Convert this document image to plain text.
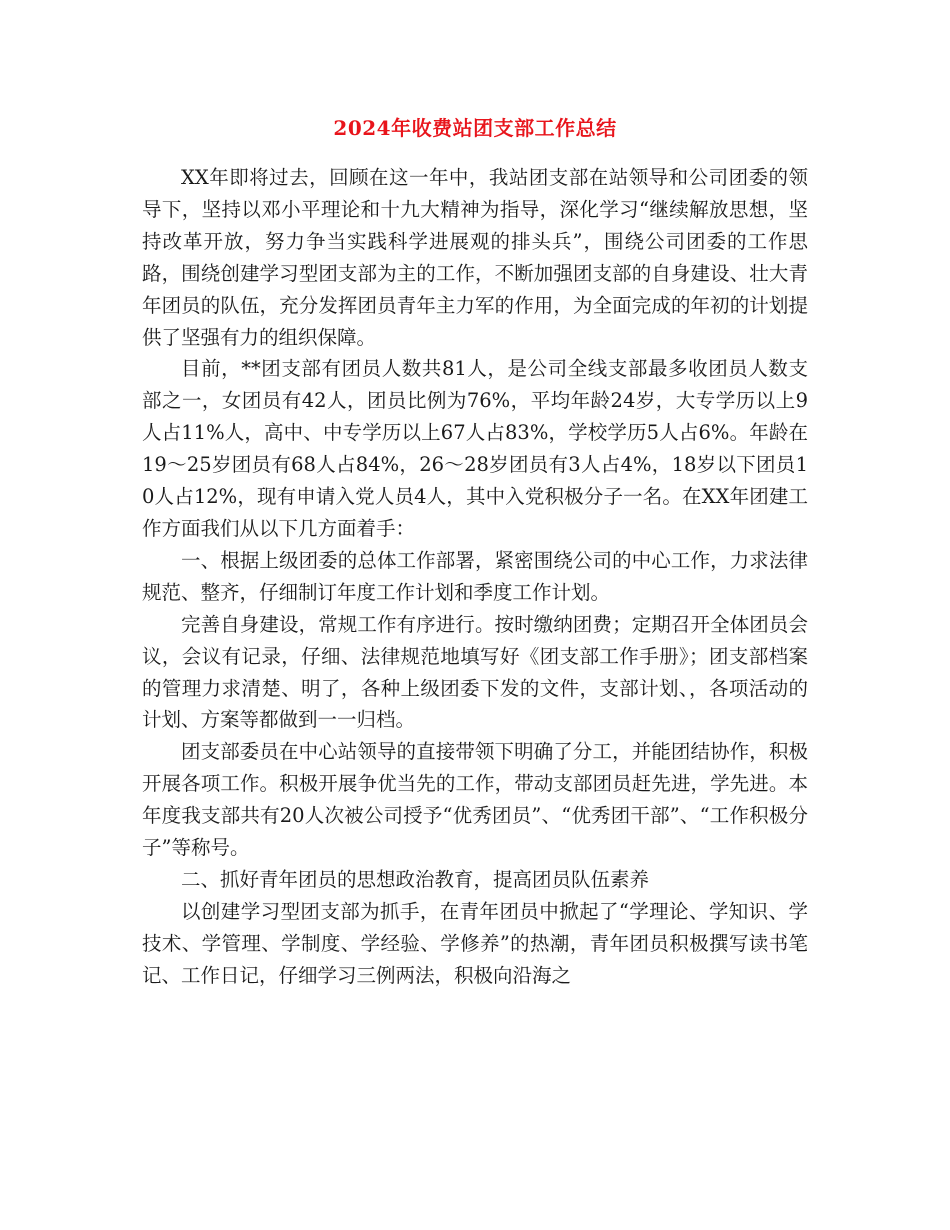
2024年收费站团支部工作总结

XX年即将过去，回顾在这一年中，我站团支部在站领导和公司团委的领导下，坚持以邓小平理论和十九大精神为指导，深化学习“继续解放思想，坚持改革开放，努力争当实践科学进展观的排头兵”，围绕公司团委的工作思路，围绕创建学习型团支部为主的工作，不断加强团支部的自身建设、壮大青年团员的队伍，充分发挥团员青年主力军的作用，为全面完成的年初的计划提供了坚强有力的组织保障。

目前，**团支部有团员人数共81人，是公司全线支部最多收团员人数支部之一，女团员有42人，团员比例为76%，平均年龄24岁，大专学历以上9人占11%人，高中、中专学历以上67人占83%，学校学历5人占6%。年龄在19～25岁团员有68人占84%，26～28岁团员有3人占4%，18岁以下团员10人占12%，现有申请入党人员4人，其中入党积极分子一名。在XX年团建工作方面我们从以下几方面着手：

一、根据上级团委的总体工作部署，紧密围绕公司的中心工作，力求法律规范、整齐，仔细制订年度工作计划和季度工作计划。

完善自身建设，常规工作有序进行。按时缴纳团费；定期召开全体团员会议，会议有记录，仔细、法律规范地填写好《团支部工作手册》；团支部档案的管理力求清楚、明了，各种上级团委下发的文件，支部计划、，各项活动的计划、方案等都做到一一归档。

团支部委员在中心站领导的直接带领下明确了分工，并能团结协作，积极开展各项工作。积极开展争优当先的工作，带动支部团员赶先进，学先进。本年度我支部共有20人次被公司授予“优秀团员”、“优秀团干部”、“工作积极分子”等称号。

二、抓好青年团员的思想政治教育，提高团员队伍素养

以创建学习型团支部为抓手，在青年团员中掀起了“学理论、学知识、学技术、学管理、学制度、学经验、学修养”的热潮，青年团员积极撰写读书笔记、工作日记，仔细学习三例两法，积极向沿海之
